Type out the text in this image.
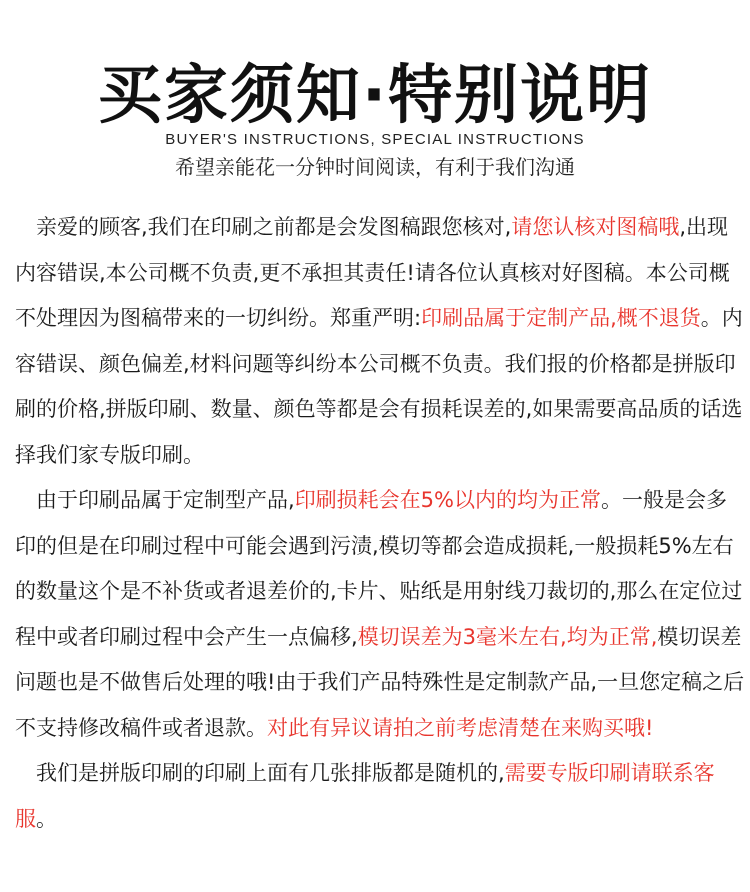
买家须知·特别说明
BUYER'S INSTRUCTIONS, SPECIAL INSTRUCTIONS
希望亲能花一分钟时间阅读，有利于我们沟通

　亲爱的顾客,我们在印刷之前都是会发图稿跟您核对,请您认核对图稿哦,出现内容错误,本公司概不负责,更不承担其责任!请各位认真核对好图稿。本公司概不处理因为图稿带来的一切纠纷。郑重严明:印刷品属于定制产品,概不退货。内容错误、颜色偏差,材料问题等纠纷本公司概不负责。我们报的价格都是拼版印刷的价格,拼版印刷、数量、颜色等都是会有损耗误差的,如果需要高品质的话选择我们家专版印刷。

　由于印刷品属于定制型产品,印刷损耗会在5%以内的均为正常。一般是会多印的但是在印刷过程中可能会遇到污渍,模切等都会造成损耗,一般损耗5%左右的数量这个是不补货或者退差价的,卡片、贴纸是用射线刀裁切的,那么在定位过程中或者印刷过程中会产生一点偏移,模切误差为3毫米左右,均为正常,模切误差问题也是不做售后处理的哦!由于我们产品特殊性是定制款产品,一旦您定稿之后不支持修改稿件或者退款。对此有异议请拍之前考虑清楚在来购买哦!

　我们是拼版印刷的印刷上面有几张排版都是随机的,需要专版印刷请联系客服。
